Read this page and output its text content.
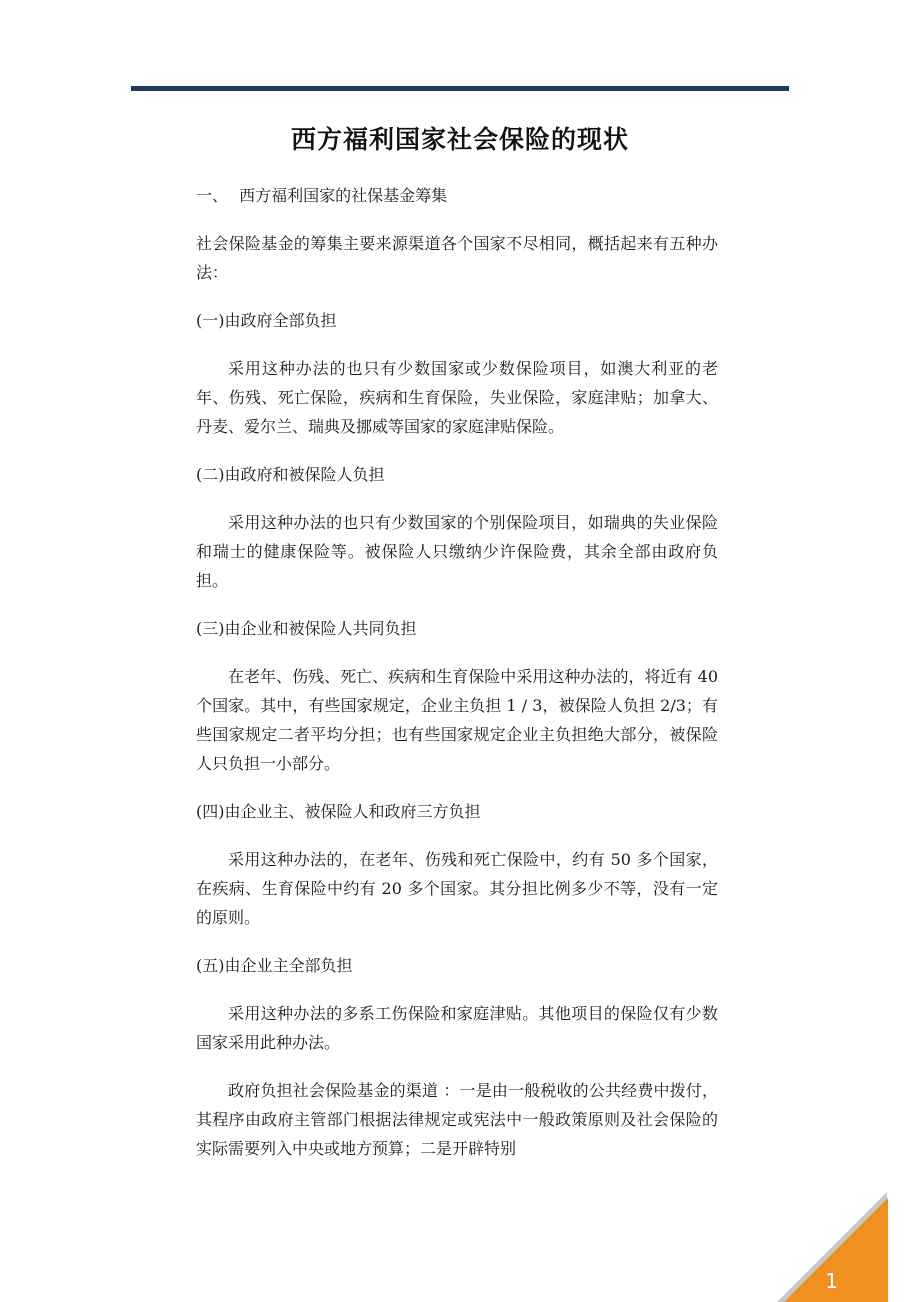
西方福利国家社会保险的现状

一、 西方福利国家的社保基金筹集

社会保险基金的筹集主要来源渠道各个国家不尽相同，概括起来有五种办法：

(一)由政府全部负担

采用这种办法的也只有少数国家或少数保险项目，如澳大利亚的老年、伤残、死亡保险，疾病和生育保险，失业保险，家庭津贴；加拿大、丹麦、爱尔兰、瑞典及挪威等国家的家庭津贴保险。

(二)由政府和被保险人负担

采用这种办法的也只有少数国家的个别保险项目，如瑞典的失业保险和瑞士的健康保险等。被保险人只缴纳少许保险费，其余全部由政府负担。

(三)由企业和被保险人共同负担

在老年、伤残、死亡、疾病和生育保险中采用这种办法的，将近有 40 个国家。其中，有些国家规定，企业主负担 1 / 3，被保险人负担 2/3；有些国家规定二者平均分担；也有些国家规定企业主负担绝大部分，被保险人只负担一小部分。

(四)由企业主、被保险人和政府三方负担

采用这种办法的，在老年、伤残和死亡保险中，约有 50 多个国家，在疾病、生育保险中约有 20 多个国家。其分担比例多少不等，没有一定的原则。

(五)由企业主全部负担

采用这种办法的多系工伤保险和家庭津贴。其他项目的保险仅有少数国家采用此种办法。

政府负担社会保险基金的渠道 ：一是由一般税收的公共经费中拨付，其程序由政府主管部门根据法律规定或宪法中一般政策原则及社会保险的实际需要列入中央或地方预算；二是开辟特别

1
